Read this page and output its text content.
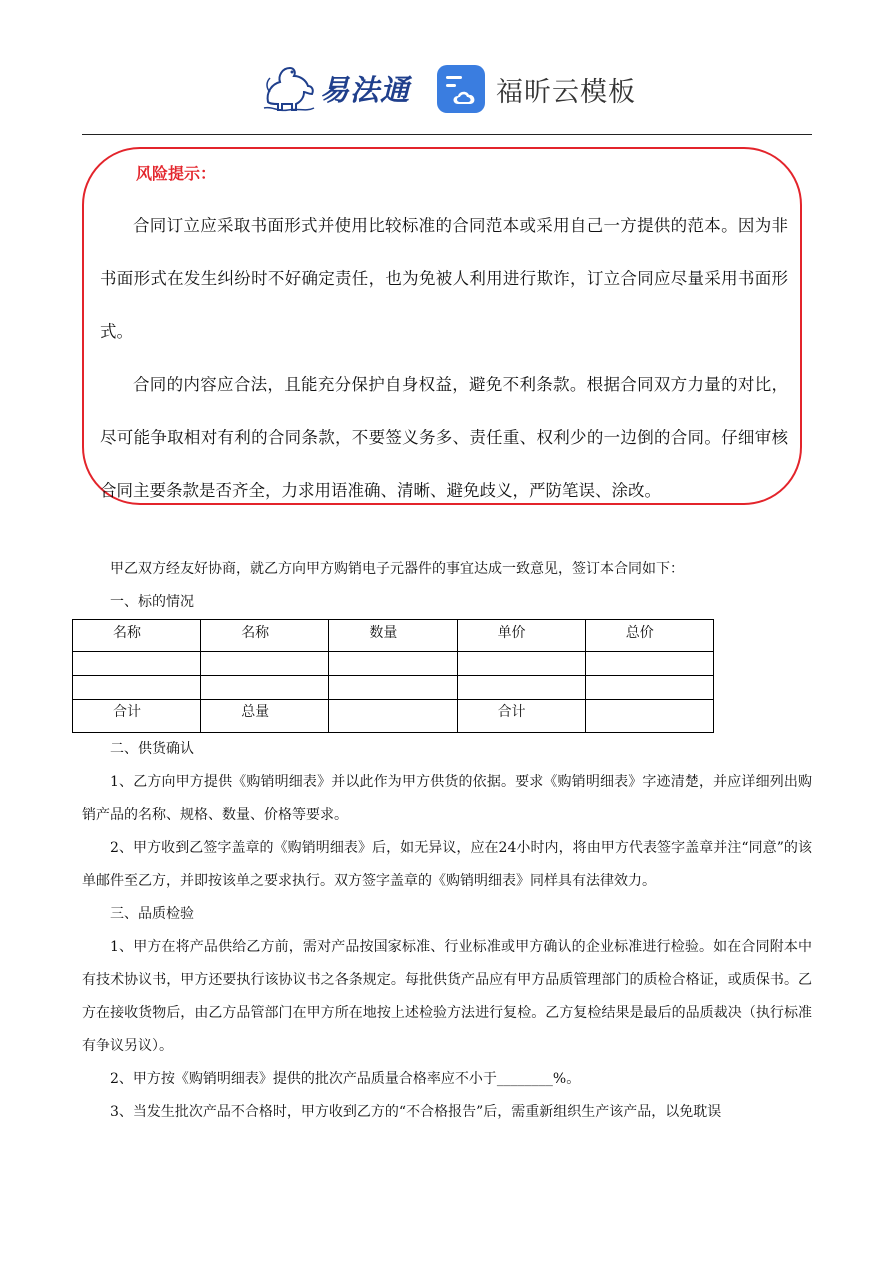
易法通	福昕云模板
风险提示：

合同订立应采取书面形式并使用比较标准的合同范本或采用自己一方提供的范本。因为非书面形式在发生纠纷时不好确定责任，也为免被人利用进行欺诈，订立合同应尽量采用书面形式。

合同的内容应合法，且能充分保护自身权益，避免不利条款。根据合同双方力量的对比，尽可能争取相对有利的合同条款，不要签义务多、责任重、权利少的一边倒的合同。仔细审核合同主要条款是否齐全，力求用语准确、清晰、避免歧义，严防笔误、涂改。

甲乙双方经友好协商，就乙方向甲方购销电子元器件的事宜达成一致意见，签订本合同如下：

一、标的情况
名称	名称	数量	单价	总价

合计	总量		合计	
二、供货确认

1、乙方向甲方提供《购销明细表》并以此作为甲方供货的依据。要求《购销明细表》字迹清楚，并应详细列出购销产品的名称、规格、数量、价格等要求。

2、甲方收到乙签字盖章的《购销明细表》后，如无异议，应在24小时内，将由甲方代表签字盖章并注“同意”的该单邮件至乙方，并即按该单之要求执行。双方签字盖章的《购销明细表》同样具有法律效力。

三、品质检验

1、甲方在将产品供给乙方前，需对产品按国家标准、行业标准或甲方确认的企业标准进行检验。如在合同附本中有技术协议书，甲方还要执行该协议书之各条规定。每批供货产品应有甲方品质管理部门的质检合格证，或质保书。乙方在接收货物后，由乙方品管部门在甲方所在地按上述检验方法进行复检。乙方复检结果是最后的品质裁决（执行标准有争议另议）。

2、甲方按《购销明细表》提供的批次产品质量合格率应不小于________%。

3、当发生批次产品不合格时，甲方收到乙方的“不合格报告”后，需重新组织生产该产品，以免耽误
